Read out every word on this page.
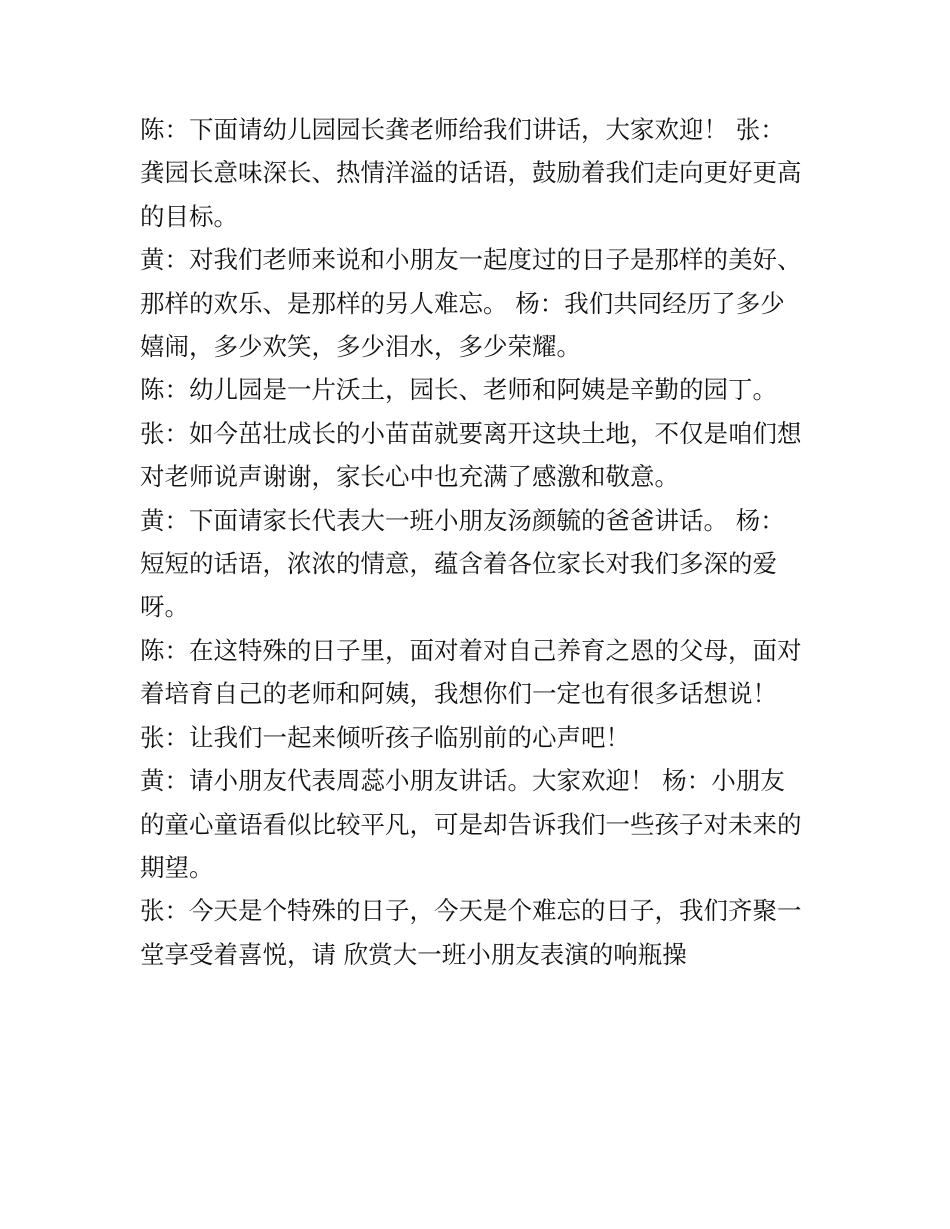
陈：下面请幼儿园园长龚老师给我们讲话，大家欢迎！ 张：

龚园长意味深长、热情洋溢的话语，鼓励着我们走向更好更高

的目标。

黄：对我们老师来说和小朋友一起度过的日子是那样的美好、

那样的欢乐、是那样的另人难忘。 杨：我们共同经历了多少

嬉闹，多少欢笑，多少泪水，多少荣耀。

陈：幼儿园是一片沃土，园长、老师和阿姨是辛勤的园丁。

张：如今茁壮成长的小苗苗就要离开这块土地，不仅是咱们想

对老师说声谢谢，家长心中也充满了感激和敬意。

黄：下面请家长代表大一班小朋友汤颜毓的爸爸讲话。 杨：

短短的话语，浓浓的情意，蕴含着各位家长对我们多深的爱

呀。

陈：在这特殊的日子里，面对着对自己养育之恩的父母，面对

着培育自己的老师和阿姨，我想你们一定也有很多话想说！

张：让我们一起来倾听孩子临别前的心声吧！

黄：请小朋友代表周蕊小朋友讲话。大家欢迎！ 杨：小朋友

的童心童语看似比较平凡，可是却告诉我们一些孩子对未来的

期望。

张：今天是个特殊的日子，今天是个难忘的日子，我们齐聚一

堂享受着喜悦，请 欣赏大一班小朋友表演的响瓶操
